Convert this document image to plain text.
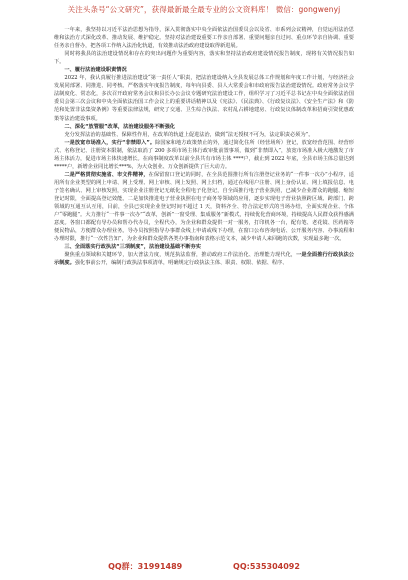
关注头条号“公文研究”，获得最新最全最专业的公文资料库！ 微信：gongwenyj

一年来，我坚持以习近平法治思想为指导，深入贯彻落实中央全面依法治国委员会以及省、市系列会议精神，自觉运用法治思维和法治方式深化改革、推动发展、维护稳定。坚持对法治建设重要工作亲自部署、重要问题亲自过问、重点环节亲自协调、重要任务亲自督办，把各项工作纳入法治化轨道，有效推动法治政府建设取得新进展。

同时将我县的法治建设情况和存在的突出问题作为重要内容，落实和坚持法治政府建设情况报告制度，现将有关情况报告如下。

一、履行法治建设职责情况

2022 年，我认真履行推进法治建设“第一责任人”职责，把法治建设纳入全县发展总体工作规划和年度工作计划，与经济社会发展同部署、同推进、同考核。严格落实年度报告制度，每年向县委、县人大常委会和市政府报告法治建设情况。政府常务会议学法制度化、常态化，多次召开政府常务会议和县长办公会议专题研究法治建设工作，组织学习了习近平总书记在中央全面依法治国委员会第三次会议和中央全面依法治国工作会议上的重要讲话精神以及《宪法》、《民法典》、《行政复议法》、《安全生产法》和《防范和处置非法集资条例》等重要法律法规，研究了交通、卫生综合执法、农村乱占耕地建房、行政复议体制改革和招商引资优惠政策等法治建设事项。

二、深化“放管服”改革，法治建设服务不断强化

充分发挥法治的基础性、保障性作用，在改革的轨道上促进法治，做到“法无授权不可为，法定职责必须为”。

一是放宽市场准入，实行“非禁即入”。除国家和地方政策禁止的外，通过简化住所（经营场所）登记，放宽经营范围、经营形式、名称登记、注册资本限制，依法取消了 200 多项市场主体行政审批前置事项，做到“非禁即入”，放宽市场准入极大地激发了市场主体活力，促进市场主体快速增长。在商事制度改革以前全县共有市场主体 ****户，截止到 2022 年底，全县市场主体总量达到 *****户，新增企业同比增长***%，为大众创业、万众创新提供了巨大动力。

二是严格贯彻实施省、市文件精神，在保留窗口登记的同时，在全县范围推行所有注册登记业务的“一件事一次办”小程序，适用所有企业类型的网上申请、网上受理、网上审核、网上发照、网上归档，通过在线用户注册、网上身份认证、网上填报信息、电子签名确认、网上审核发照，实现企业注册登记无纸化全程电子化登记，自全面推行电子营业执照，已减少企业群众的跑腿、缩短登记时限，全面提高登记效能。二是加快推进电子营业执照在电子商务等领域的应用，逐步实现电子营业执照跨区域、跨部门、跨领域的互通互认互用，目前，全县已实现企业登记时间不超过 1 天，资料齐全、符合法定形式的当场办结，全面实现企业、个体户“零跑腿”。大力推行“一件事一次办”“改革，创新”一窗受理、集成服务”新模式，持续优化营商环境，持续提高人民群众获得感满意度。各窗口都配有导办员和帮办代办员，全程代办，为企业和群众提供一对一服务，打印机各一台，配有笔、老花镜、医药箱等便民物品，方便群众办理业务。导办员按照指导办事群众线上申请或线下办理，在窗口公布咨询电话、公开服务内容、办事流程和办理时限，推行“一次性告知”，为企业和群众提供各类办事指南和表格示范文本，减少申请人来回跑的次数，实现最多跑一次。

三、全面落实行政执法“三项制度”，法治建设基础不断夯实

聚焦重点领域和关键环节，加大普法力度，规范执法监督，推动政府工作法治化、治理能力现代化，一是全面推行行政执法公示制度。强化事前公开，编制行政执法事项清单，明确规定行政执法主体、职责、权限、依据、程序、

QQ群：31991489	QQ:535304092
